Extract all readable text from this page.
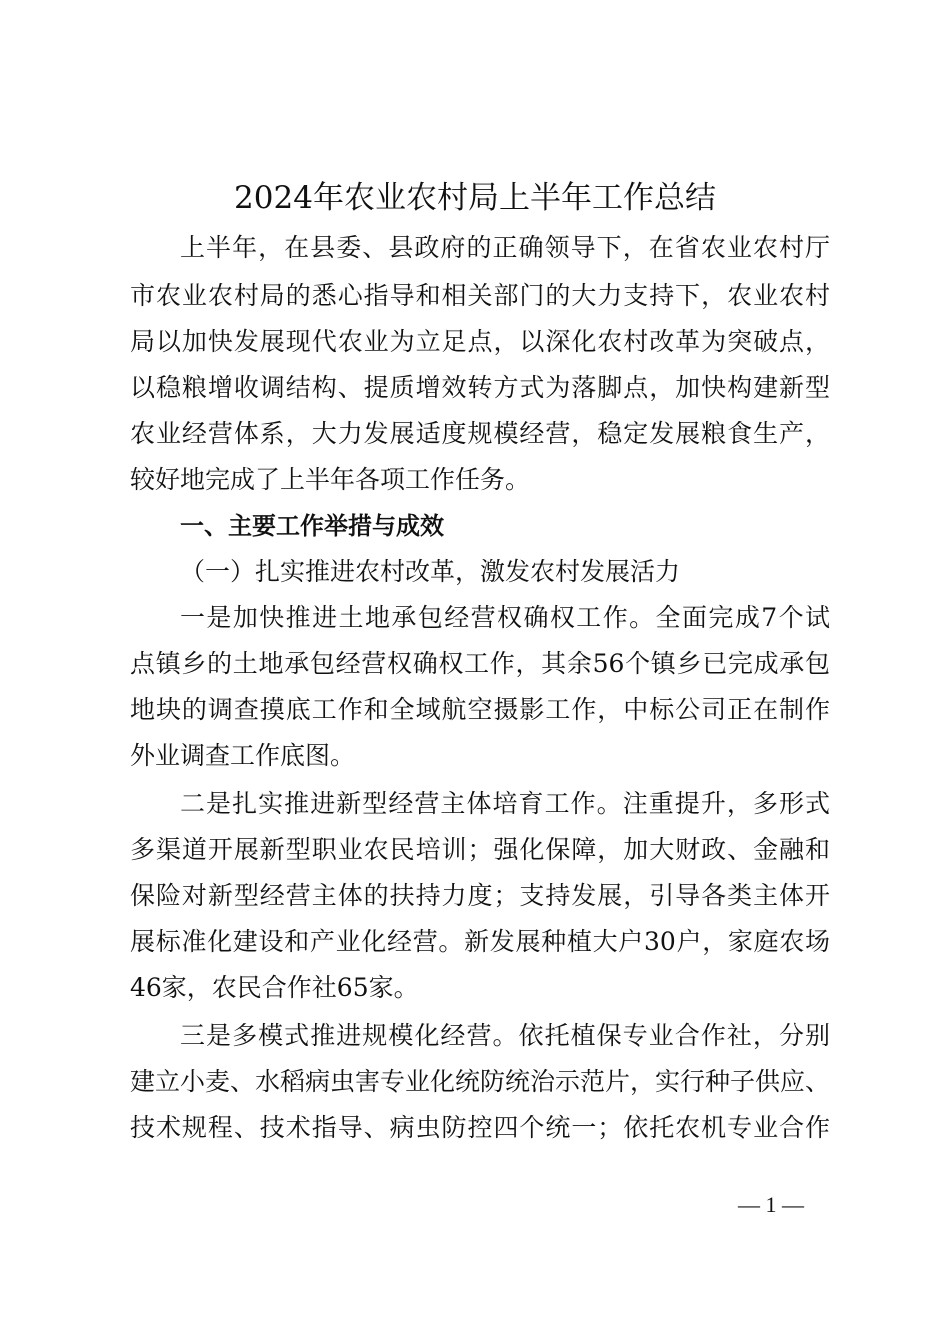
2024年农业农村局上半年工作总结
上半年，在县委、县政府的正确领导下，在省农业农村厅
市农业农村局的悉心指导和相关部门的大力支持下，农业农村
局以加快发展现代农业为立足点，以深化农村改革为突破点，
以稳粮增收调结构、提质增效转方式为落脚点，加快构建新型
农业经营体系，大力发展适度规模经营，稳定发展粮食生产，
较好地完成了上半年各项工作任务。
一、主要工作举措与成效
（一）扎实推进农村改革，激发农村发展活力
一是加快推进土地承包经营权确权工作。全面完成7个试
点镇乡的土地承包经营权确权工作，其余56个镇乡已完成承包
地块的调查摸底工作和全域航空摄影工作，中标公司正在制作
外业调查工作底图。
二是扎实推进新型经营主体培育工作。注重提升，多形式
多渠道开展新型职业农民培训；强化保障，加大财政、金融和
保险对新型经营主体的扶持力度；支持发展，引导各类主体开
展标准化建设和产业化经营。新发展种植大户30户，家庭农场
46家，农民合作社65家。
三是多模式推进规模化经营。依托植保专业合作社，分别
建立小麦、水稻病虫害专业化统防统治示范片，实行种子供应、
技术规程、技术指导、病虫防控四个统一；依托农机专业合作
— 1 —
